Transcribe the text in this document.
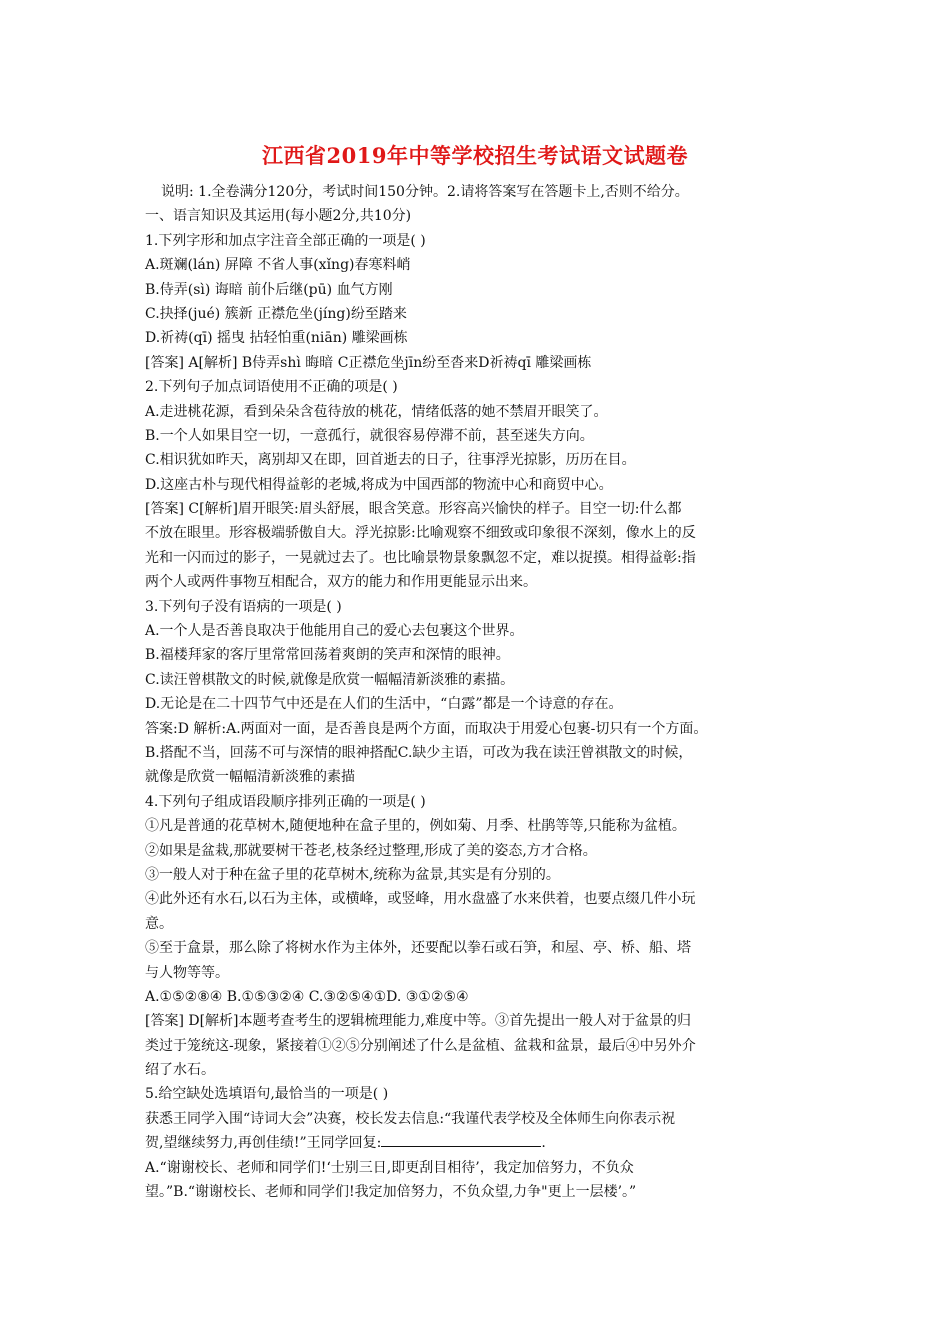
江西省2019年中等学校招生考试语文试题卷
说明: 1.全卷满分120分，考试时间150分钟。2.请将答案写在答题卡上,否则不给分。
一、语言知识及其运用(每小题2分,共10分)
1.下列字形和加点字注音全部正确的一项是( )
A.斑斓(lán) 屏障 不省人事(xǐng)春寒料峭
B.侍弄(sì) 诲暗 前仆后继(pū) 血气方刚
C.抉择(jué) 簇新 正襟危坐(jíng)纷至踏来
D.祈祷(qī) 摇曳 拈轻怕重(niān) 雕梁画栋
[答案] A[解析] B侍弄shì 晦暗 C正襟危坐jīn纷至沓来D祈祷qī 雕梁画栋
2.下列句子加点词语使用不正确的项是( )
A.走进桃花源，看到朵朵含苞待放的桃花，情绪低落的她不禁眉开眼笑了。
B.一个人如果目空一切，一意孤行，就很容易停滞不前，甚至迷失方向。
C.相识犹如昨天，离别却又在即，回首逝去的日子，往事浮光掠影，历历在目。
D.这座古朴与现代相得益彰的老城,将成为中国西部的物流中心和商贸中心。
[答案] C[解析]眉开眼笑:眉头舒展，眼含笑意。形容高兴愉快的样子。目空一切:什么都
不放在眼里。形容极端骄傲自大。浮光掠影:比喻观察不细致或印象很不深刻，像水上的反
光和一闪而过的影子，一晃就过去了。也比喻景物景象飘忽不定，难以捉摸。相得益彰:指
两个人或两件事物互相配合，双方的能力和作用更能显示出来。
3.下列句子没有语病的一项是( )
A.一个人是否善良取决于他能用自己的爱心去包裹这个世界。
B.福楼拜家的客厅里常常回荡着爽朗的笑声和深情的眼神。
C.读汪曾棋散文的时候,就像是欣赏一幅幅清新淡雅的素描。
D.无论是在二十四节气中还是在人们的生活中，“白露”都是一个诗意的存在。
答案:D 解析:A.两面对一面，是否善良是两个方面，而取决于用爱心包裹-切只有一个方面。
B.搭配不当，回荡不可与深情的眼神搭配C.缺少主语，可改为我在读汪曾祺散文的时候，
就像是欣赏一幅幅清新淡雅的素描
4.下列句子组成语段顺序排列正确的一项是( )
①凡是普通的花草树木,随便地种在盒子里的，例如菊、月季、杜鹃等等,只能称为盆植。
②如果是盆栽,那就要树干苍老,枝条经过整理,形成了美的姿态,方才合格。
③一般人对于种在盆子里的花草树木,统称为盆景,其实是有分别的。
④此外还有水石,以石为主体，或横峰，或竖峰，用水盘盛了水来供着，也要点缀几件小玩
意。
⑤至于盒景，那么除了将树水作为主体外，还要配以拳石或石笋，和屋、亭、桥、船、塔
与人物等等。
A.①⑤②⑧④ B.①⑤③②④ C.③②⑤④①D. ③①②⑤④
[答案] D[解析]本题考查考生的逻辑梳理能力,难度中等。③首先提出一般人对于盆景的归
类过于笼统这-现象，紧接着①②⑤分别阐述了什么是盆植、盆栽和盆景，最后④中另外介
绍了水石。
5.给空缺处选填语句,最恰当的一项是( )
获悉王同学入围“诗词大会”决赛，校长发去信息:“我谨代表学校及全体师生向你表示祝
贺,望继续努力,再创佳绩!”王同学回复:	.
A.“谢谢校长、老师和同学们!‘士别三日,即更刮目相待’，我定加倍努力，不负众
望。”B.“谢谢校长、老师和同学们!我定加倍努力，不负众望,力争"更上一层楼’。”
